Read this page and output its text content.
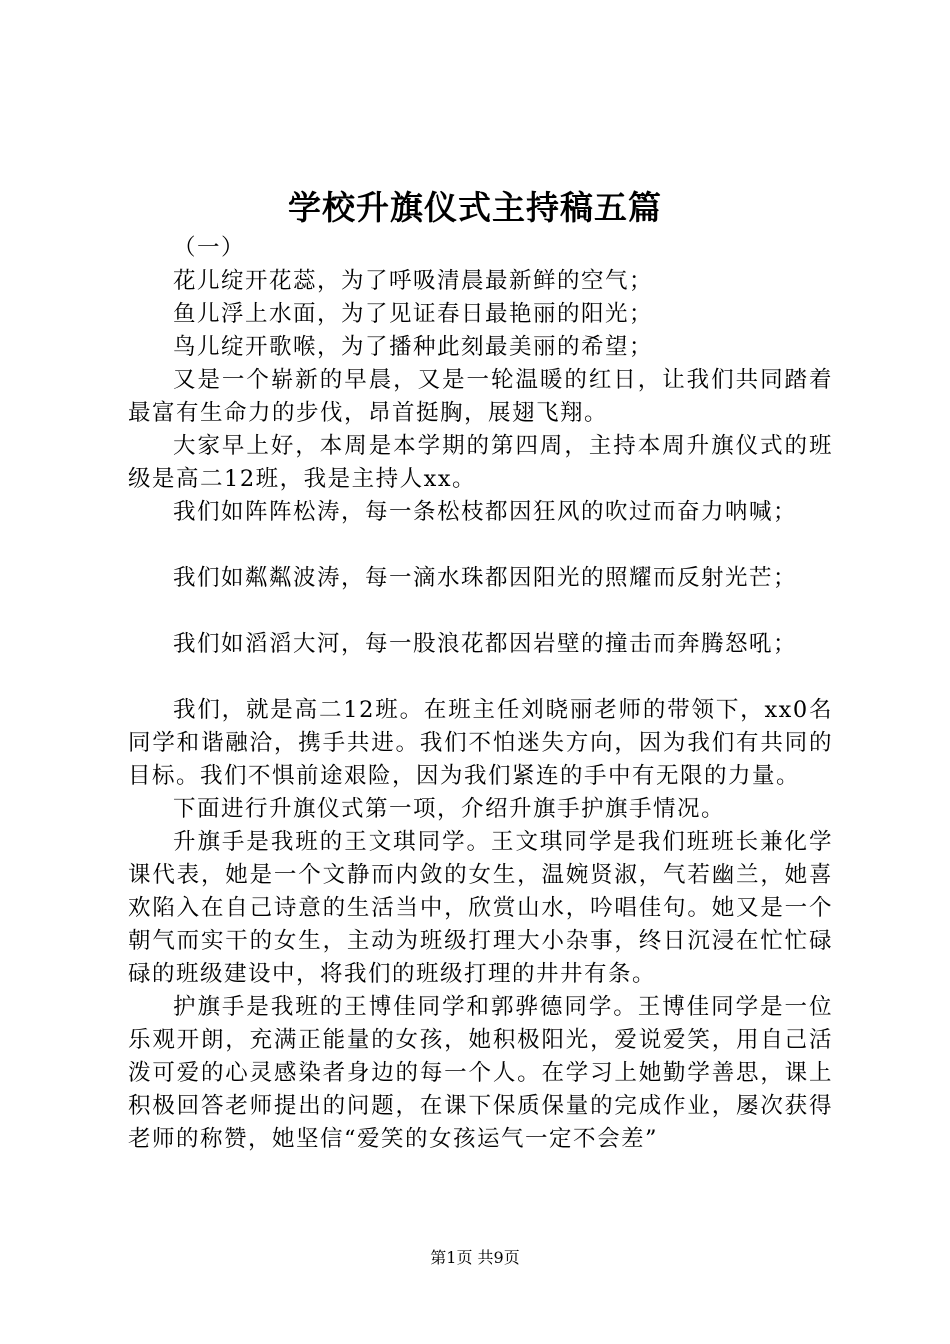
学校升旗仪式主持稿五篇

（一）

花儿绽开花蕊，为了呼吸清晨最新鲜的空气；

鱼儿浮上水面，为了见证春日最艳丽的阳光；

鸟儿绽开歌喉，为了播种此刻最美丽的希望；

又是一个崭新的早晨，又是一轮温暖的红日，让我们共同踏着最富有生命力的步伐，昂首挺胸，展翅飞翔。

大家早上好，本周是本学期的第四周，主持本周升旗仪式的班级是高二12班，我是主持人xx。

我们如阵阵松涛，每一条松枝都因狂风的吹过而奋力呐喊；

我们如粼粼波涛，每一滴水珠都因阳光的照耀而反射光芒；

我们如滔滔大河，每一股浪花都因岩壁的撞击而奔腾怒吼；

我们，就是高二12班。在班主任刘晓丽老师的带领下，xx0名同学和谐融洽，携手共进。我们不怕迷失方向，因为我们有共同的目标。我们不惧前途艰险，因为我们紧连的手中有无限的力量。

下面进行升旗仪式第一项，介绍升旗手护旗手情况。

升旗手是我班的王文琪同学。王文琪同学是我们班班长兼化学课代表，她是一个文静而内敛的女生，温婉贤淑，气若幽兰，她喜欢陷入在自己诗意的生活当中，欣赏山水，吟唱佳句。她又是一个朝气而实干的女生，主动为班级打理大小杂事，终日沉浸在忙忙碌碌的班级建设中，将我们的班级打理的井井有条。

护旗手是我班的王博佳同学和郭骅德同学。王博佳同学是一位乐观开朗，充满正能量的女孩，她积极阳光，爱说爱笑，用自己活泼可爱的心灵感染者身边的每一个人。在学习上她勤学善思，课上积极回答老师提出的问题，在课下保质保量的完成作业，屡次获得老师的称赞，她坚信“爱笑的女孩运气一定不会差”

第1页 共9页
